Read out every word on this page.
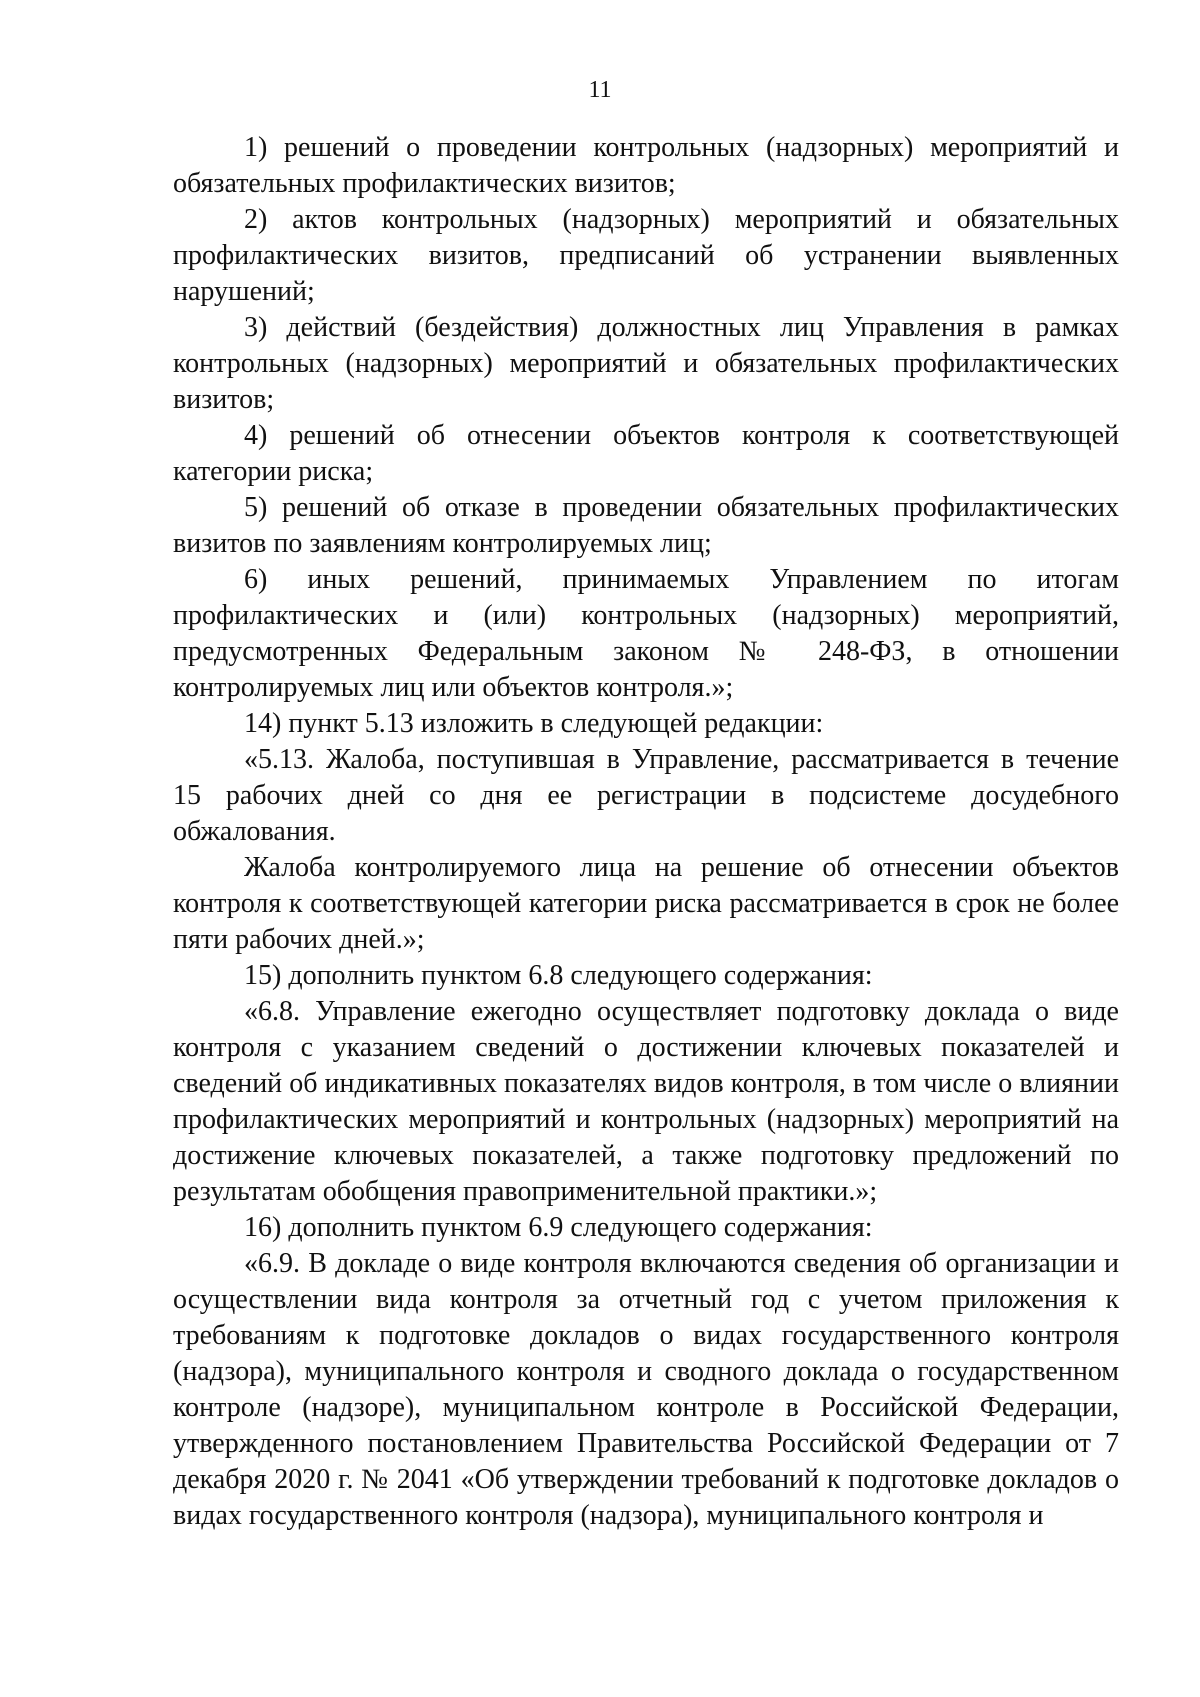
11

1) решений о проведении контрольных (надзорных) мероприятий и обязательных профилактических визитов;

2) актов контрольных (надзорных) мероприятий и обязательных профилактических визитов, предписаний об устранении выявленных нарушений;

3) действий (бездействия) должностных лиц Управления в рамках контрольных (надзорных) мероприятий и обязательных профилактических визитов;

4) решений об отнесении объектов контроля к соответствующей категории риска;

5) решений об отказе в проведении обязательных профилактических визитов по заявлениям контролируемых лиц;

6) иных решений, принимаемых Управлением по итогам профилактических и (или) контрольных (надзорных) мероприятий, предусмотренных Федеральным законом № 248-ФЗ, в отношении контролируемых лиц или объектов контроля.»;

14) пункт 5.13 изложить в следующей редакции:

«5.13. Жалоба, поступившая в Управление, рассматривается в течение 15 рабочих дней со дня ее регистрации в подсистеме досудебного обжалования.

Жалоба контролируемого лица на решение об отнесении объектов контроля к соответствующей категории риска рассматривается в срок не более пяти рабочих дней.»;

15) дополнить пунктом 6.8 следующего содержания:

«6.8. Управление ежегодно осуществляет подготовку доклада о виде контроля с указанием сведений о достижении ключевых показателей и сведений об индикативных показателях видов контроля, в том числе о влиянии профилактических мероприятий и контрольных (надзорных) мероприятий на достижение ключевых показателей, а также подготовку предложений по результатам обобщения правоприменительной практики.»;

16) дополнить пунктом 6.9 следующего содержания:

«6.9. В докладе о виде контроля включаются сведения об организации и осуществлении вида контроля за отчетный год с учетом приложения к требованиям к подготовке докладов о видах государственного контроля (надзора), муниципального контроля и сводного доклада о государственном контроле (надзоре), муниципальном контроле в Российской Федерации, утвержденного постановлением Правительства Российской Федерации от 7 декабря 2020 г. № 2041 «Об утверждении требований к подготовке докладов о видах государственного контроля (надзора), муниципального контроля и
